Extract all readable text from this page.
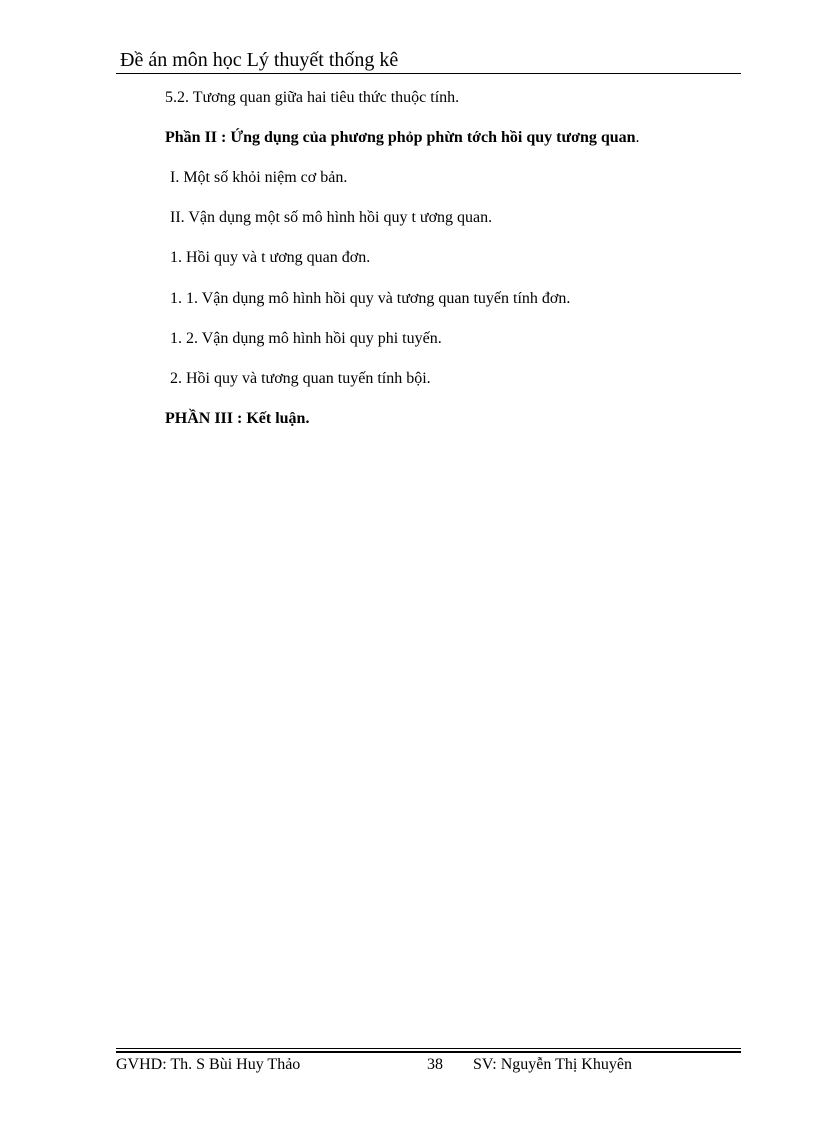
Đề án môn học Lý thuyết thống kê
5.2. Tương quan giữa hai tiêu thức thuộc tính.
Phần II : Ứng dụng của phương phỏp phừn tớch hồi quy tương quan.
I. Một số khỏi niệm cơ bản.
II. Vận dụng một số mô hình hồi quy t ương quan.
1. Hồi quy và t ương quan đơn.
1. 1. Vận dụng mô hình hồi quy và tương quan tuyến tính đơn.
1. 2. Vận dụng mô hình hồi quy phi tuyến.
2. Hồi quy và tương quan tuyến tính bội.
PHẦN III : Kết luận.
GVHD: Th. S Bùi Huy Thảo	38 SV: Nguyễn Thị Khuyên
